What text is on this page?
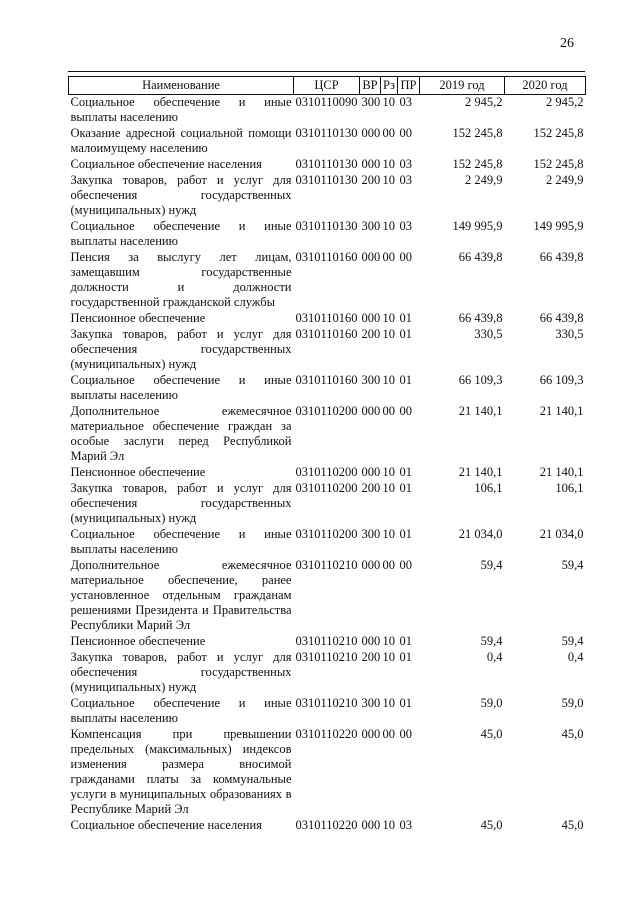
26
Наименование	ЦСР	ВР	Рз	ПР	2019 год	2020 год
Социальное обеспечение и иные выплаты населению	0310110090	300	10	03	2 945,2	2 945,2
Оказание адресной социальной помощи малоимущему населению	0310110130	000	00	00	152 245,8	152 245,8
Социальное обеспечение населения	0310110130	000	10	03	152 245,8	152 245,8
Закупка товаров, работ и услуг для обеспечения государственных (муниципальных) нужд	0310110130	200	10	03	2 249,9	2 249,9
Социальное обеспечение и иные выплаты населению	0310110130	300	10	03	149 995,9	149 995,9
Пенсия за выслугу лет лицам, замещавшим государственные должности и должности государственной гражданской службы	0310110160	000	00	00	66 439,8	66 439,8
Пенсионное обеспечение	0310110160	000	10	01	66 439,8	66 439,8
Закупка товаров, работ и услуг для обеспечения государственных (муниципальных) нужд	0310110160	200	10	01	330,5	330,5
Социальное обеспечение и иные выплаты населению	0310110160	300	10	01	66 109,3	66 109,3
Дополнительное ежемесячное материальное обеспечение граждан за особые заслуги перед Республикой Марий Эл	0310110200	000	00	00	21 140,1	21 140,1
Пенсионное обеспечение	0310110200	000	10	01	21 140,1	21 140,1
Закупка товаров, работ и услуг для обеспечения государственных (муниципальных) нужд	0310110200	200	10	01	106,1	106,1
Социальное обеспечение и иные выплаты населению	0310110200	300	10	01	21 034,0	21 034,0
Дополнительное ежемесячное материальное обеспечение, ранее установленное отдельным гражданам решениями Президента и Правительства Республики Марий Эл	0310110210	000	00	00	59,4	59,4
Пенсионное обеспечение	0310110210	000	10	01	59,4	59,4
Закупка товаров, работ и услуг для обеспечения государственных (муниципальных) нужд	0310110210	200	10	01	0,4	0,4
Социальное обеспечение и иные выплаты населению	0310110210	300	10	01	59,0	59,0
Компенсация при превышении предельных (максимальных) индексов изменения размера вносимой гражданами платы за коммунальные услуги в муниципальных образованиях в Республике Марий Эл	0310110220	000	00	00	45,0	45,0
Социальное обеспечение населения	0310110220	000	10	03	45,0	45,0
